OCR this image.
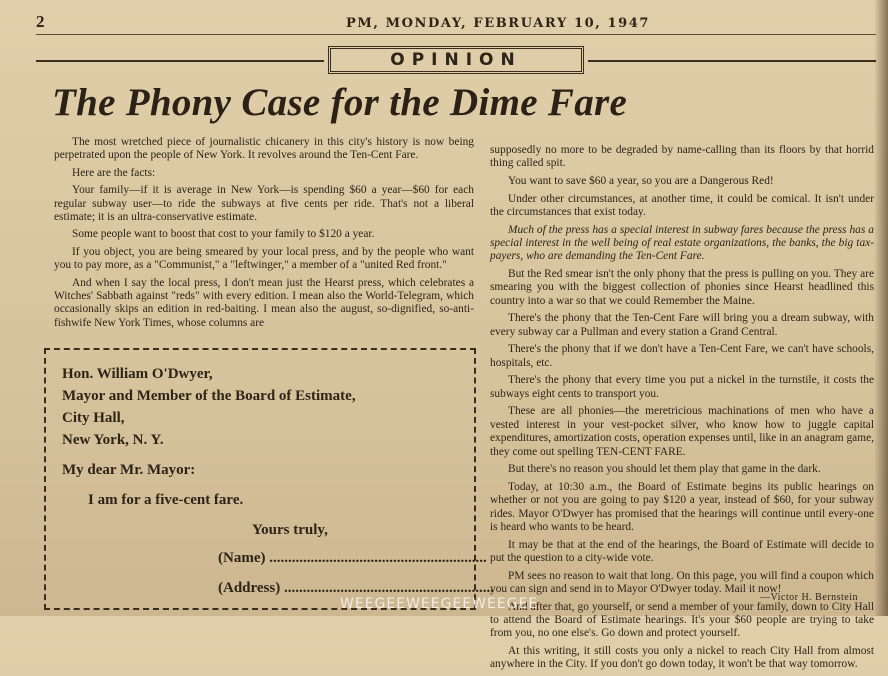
2	PM, MONDAY, FEBRUARY 10, 1947
OPINION
The Phony Case for the Dime Fare

The most wretched piece of journalistic chicanery in this city's history is now being perpetrated upon the people of New York. It revolves around the Ten-Cent Fare.

Here are the facts:

Your family—if it is average in New York—is spending $60 a year—$60 for each regular subway user—to ride the subways at five cents per ride. That's not a liberal estimate; it is an ultra-conservative estimate.

Some people want to boost that cost to your family to $120 a year.

If you object, you are being smeared by your local press, and by the people who want you to pay more, as a "Communist," a "leftwinger," a member of a "united Red front."

And when I say the local press, I don't mean just the Hearst press, which celebrates a Witches' Sabbath against "reds" with every edition. I mean also the World-Telegram, which occasionally skips an edition in red-baiting. I mean also the august, so-dignified, so-anti-fishwife New York Times, whose columns are

supposedly no more to be degraded by name-calling than its floors by that horrid thing called spit.

You want to save $60 a year, so you are a Dangerous Red!

Under other circumstances, at another time, it could be comical. It isn't under the circumstances that exist today.

Much of the press has a special interest in subway fares because the press has a special interest in the well being of real estate organizations, the banks, the big tax-payers, who are demanding the Ten-Cent Fare.

But the Red smear isn't the only phony that the press is pulling on you. They are smearing you with the biggest collection of phonies since Hearst headlined this country into a war so that we could Remember the Maine.

There's the phony that the Ten-Cent Fare will bring you a dream subway, with every subway car a Pullman and every station a Grand Central.

There's the phony that if we don't have a Ten-Cent Fare, we can't have schools, hospitals, etc.

There's the phony that every time you put a nickel in the turnstile, it costs the subways eight cents to transport you.

These are all phonies—the meretricious machinations of men who have a vested interest in your vest-pocket silver, who know how to juggle capital expenditures, amortization costs, operation expenses until, like in an anagram game, they come out spelling TEN-CENT FARE.

But there's no reason you should let them play that game in the dark.

Today, at 10:30 a.m., the Board of Estimate begins its public hearings on whether or not you are going to pay $120 a year, instead of $60, for your subway rides. Mayor O'Dwyer has promised that the hearings will continue until every-one is heard who wants to be heard.

It may be that at the end of the hearings, the Board of Estimate will decide to put the question to a city-wide vote.

PM sees no reason to wait that long. On this page, you will find a coupon which you can sign and send in to Mayor O'Dwyer today. Mail it now!

And after that, go yourself, or send a member of your family, down to City Hall to attend the Board of Estimate hearings. It's your $60 people are trying to take from you, no one else's. Go down and protect yourself.

At this writing, it still costs you only a nickel to reach City Hall from almost anywhere in the City. If you don't go down today, it won't be that way tomorrow.

—Victor H. Bernstein
Hon. William O'Dwyer,
Mayor and Member of the Board of Estimate,
City Hall,
New York, N. Y.
My dear Mr. Mayor:
I am for a five-cent fare.
Yours truly,
(Name) ..........................................................
(Address) ........................................................
WEEGEEWEEGEEWEEGEE
